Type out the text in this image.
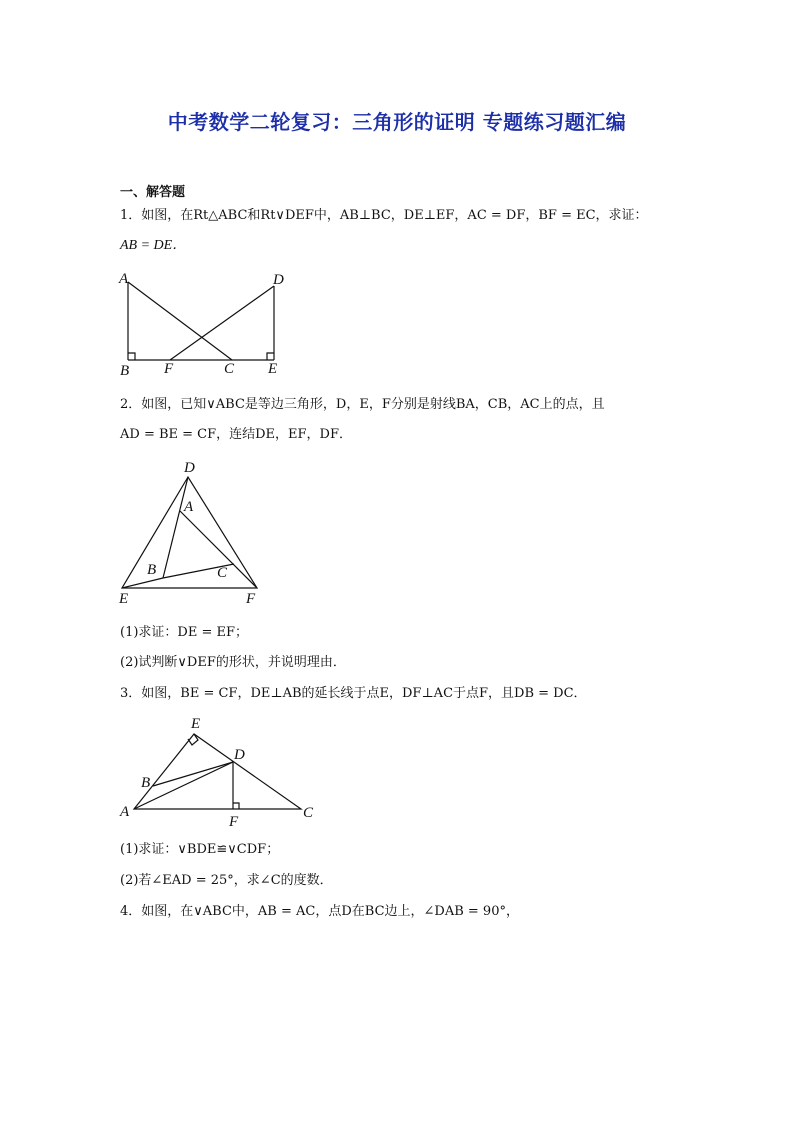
中考数学二轮复习：三角形的证明 专题练习题汇编
一、解答题
1．如图，在Rt△ABC和Rt∨DEF中，AB⊥BC，DE⊥EF，AC = DF，BF = EC，求证：
AB = DE．
A	D
B F	C E
2．如图，已知∨ABC是等边三角形，D，E，F分别是射线BA，CB，AC上的点，且
AD = BE = CF，连结DE，EF，DF．
D
A
B	C
E	F
(1)求证：DE = EF；
(2)试判断∨DEF的形状，并说明理由．
3．如图，BE = CF，DE⊥AB的延长线于点E，DF⊥AC于点F，且DB = DC．
E
D
B
A
F
C
(1)求证：∨BDE≌∨CDF；
(2)若∠EAD = 25°，求∠C的度数．
4．如图，在∨ABC中，AB = AC，点D在BC边上，∠DAB = 90°，
